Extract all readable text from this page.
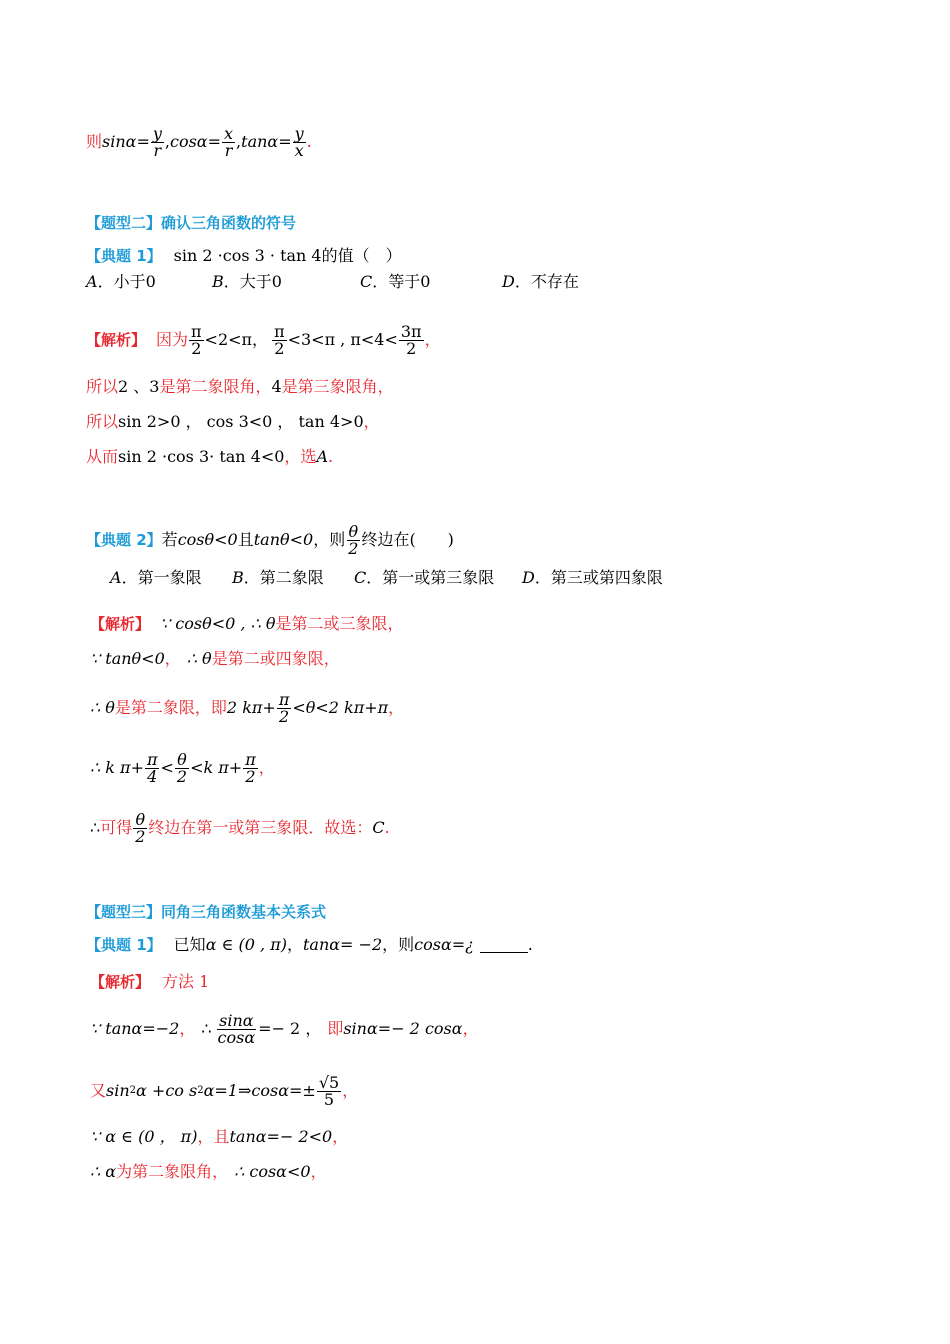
则 $\sin\alpha = \frac{y}{r}$ , $\cos\alpha = \frac{x}{r}$ , $\tan\alpha = \frac{y}{x}$ .
【题型二】确认三角函数的符号
【典题 1】 sin 2 ·cos 3 · tan 4的值（　）
A．小于0	B．大于0	C．等于0	D．不存在
【解析】 因为 $\frac{\pi}{2} <2<\pi$， $\frac{\pi}{2} <3<\pi$ , $\pi<4< \frac{3\pi}{2}$ ，
所以 2 、3 是第二象限角， 4 是第三象限角，
所以 sin 2>0 ， cos 3<0 ， tan 4>0 ，
从而 sin 2 ·cos 3· tan 4<0 ，选 A .
【典题 2】 若 cosθ<0 且 tanθ<0 ，则 $\frac{\theta}{2}$ 终边在(　　)
A．第一象限 B．第二象限 C．第一或第三象限 D．第三或第四象限
【解析】 ∵ cosθ<0 , ∴ θ 是第二或三象限，
∵ tanθ<0 ， ∴ θ 是第二或四象限，
∴ θ 是第二象限，即 2 $k\pi+ \frac{\pi}{2} <\theta<2$ kπ+π ，
∴ k $\pi+ \frac{\pi}{4} < \frac{\theta}{2} <k$ $\pi+ \frac{\pi}{2}$ ，
∴ 可得 $\frac{\theta}{2}$ 终边在第一或第三象限．故选： C .
【题型三】同角三角函数基本关系式
【典题 1】 已知 α ∈ (0 , π) ， tanα= −2 ，则 cosα=¿	.
【解析】 方法 1
∵ tanα=−2 ， ∴ $\frac{\sin\alpha}{\cos\alpha} =- 2$ ， 即 sinα=− 2 cosα ，
又 sin 2 α +co s 2 α=1⇒cosα=± $\frac{√5}{5}$ ，
∵ α ∈ (0 ， π) ，且 tanα=− 2<0 ，
∴ α 为第二象限角， ∴ cosα<0 ，
